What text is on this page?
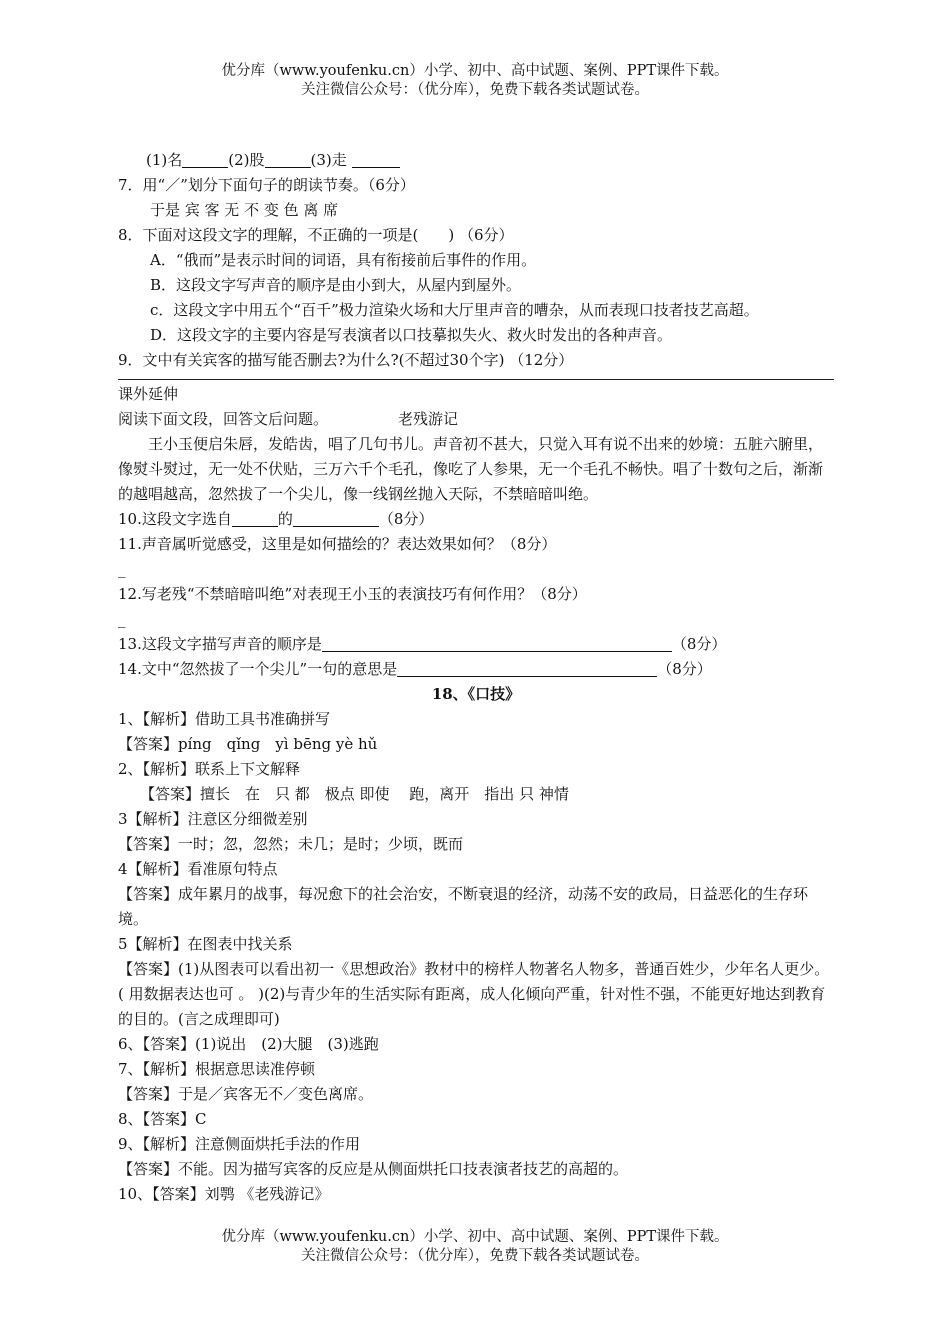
优分库（www.youfenku.cn）小学、初中、高中试题、案例、PPT课件下载。
关注微信公众号：（优分库），免费下载各类试题试卷。
(1)名	(2)股	(3)走
7．用“／”划分下面句子的朗读节奏。（6分）
于是 宾 客 无 不 变 色 离 席
8．下面对这段文字的理解，不正确的一项是(　　) （6分）
A．“俄而”是表示时间的词语，具有衔接前后事件的作用。
B．这段文字写声音的顺序是由小到大，从屋内到屋外。
c．这段文字中用五个“百千”极力渲染火场和大厅里声音的嘈杂，从而表现口技者技艺高超。
D．这段文字的主要内容是写表演者以口技摹拟失火、救火时发出的各种声音。
9．文中有关宾客的描写能否删去?为什么?(不超过30个字) （12分）
课外延伸
阅读下面文段，回答文后问题。	老残游记
王小玉便启朱唇，发皓齿，唱了几句书儿。声音初不甚大，只觉入耳有说不出来的妙境：五脏六腑里，像熨斗熨过，无一处不伏贴，三万六千个毛孔，像吃了人参果，无一个毛孔不畅快。唱了十数句之后，渐渐的越唱越高，忽然拔了一个尖儿，像一线钢丝抛入天际，不禁暗暗叫绝。
10.这段文字选自	的	（8分）
11.声音属听觉感受，这里是如何描绘的？表达效果如何？（8分）
_
12.写老残“不禁暗暗叫绝”对表现王小玉的表演技巧有何作用？（8分）
_
13.这段文字描写声音的顺序是	（8分）
14.文中“忽然拔了一个尖儿”一句的意思是	（8分）
18、《口技》
1、【解析】借助工具书准确拼写
【答案】píng　qǐng　yì bēng yè hǔ
2、【解析】联系上下文解释
【答案】擅长　在　只 都　极点 即使　 跑，离开　指出 只 神情
3【解析】注意区分细微差别
【答案】一时；忽，忽然；未几；是时；少顷，既而
4【解析】看准原句特点
【答案】成年累月的战事，每况愈下的社会治安，不断衰退的经济，动荡不安的政局，日益恶化的生存环境。
5【解析】在图表中找关系
【答案】(1)从图表可以看出初一《思想政治》教材中的榜样人物著名人物多，普通百姓少，少年名人更少。( 用数据表达也可 。 )(2)与青少年的生活实际有距离，成人化倾向严重，针对性不强，不能更好地达到教育的目的。(言之成理即可)
6、【答案】(1)说出　(2)大腿　(3)逃跑
7、【解析】根据意思读准停顿
【答案】于是／宾客无不／变色离席。
8、【答案】C
9、【解析】注意侧面烘托手法的作用
【答案】不能。因为描写宾客的反应是从侧面烘托口技表演者技艺的高超的。
10、【答案】刘鹗 《老残游记》
优分库（www.youfenku.cn）小学、初中、高中试题、案例、PPT课件下载。
关注微信公众号：（优分库），免费下载各类试题试卷。
